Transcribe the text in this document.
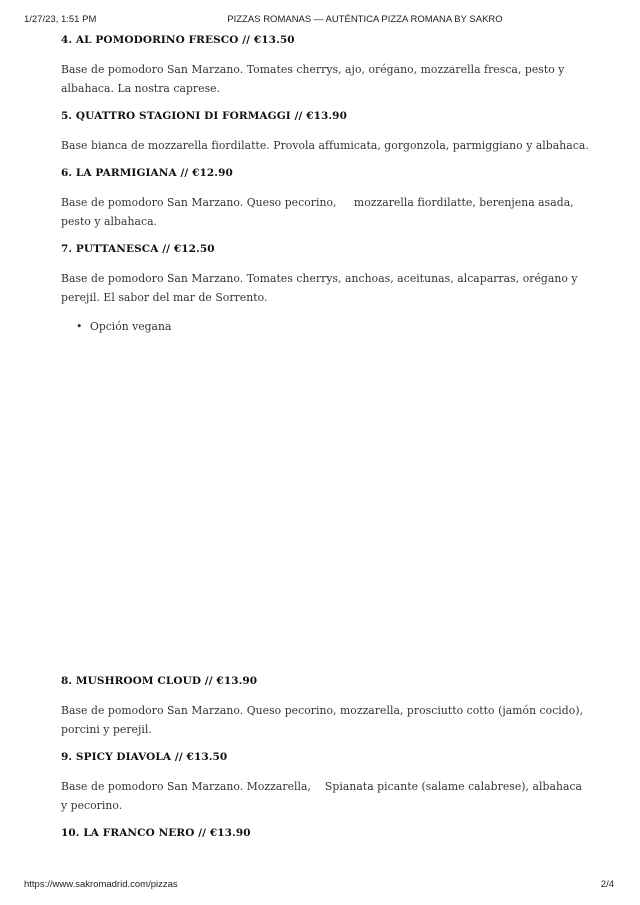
1/27/23, 1:51 PM	PIZZAS ROMANAS — AUTÉNTICA PIZZA ROMANA BY SAKRO
4. AL POMODORINO FRESCO // €13.50

Base de pomodoro San Marzano. Tomates cherrys, ajo, orégano, mozzarella fresca, pesto y albahaca. La nostra caprese.

5. QUATTRO STAGIONI DI FORMAGGI // €13.90

Base bianca de mozzarella fiordilatte. Provola affumicata, gorgonzola, parmiggiano y albahaca.

6. LA PARMIGIANA // €12.90

Base de pomodoro San Marzano. Queso pecorino,     mozzarella fiordilatte, berenjena asada, pesto y albahaca.

7. PUTTANESCA // €12.50

Base de pomodoro San Marzano. Tomates cherrys, anchoas, aceitunas, alcaparras, orégano y perejil. El sabor del mar de Sorrento.

• Opción vegana
8. MUSHROOM CLOUD // €13.90

Base de pomodoro San Marzano. Queso pecorino, mozzarella, prosciutto cotto (jamón cocido), porcini y perejil.

9. SPICY DIAVOLA // €13.50

Base de pomodoro San Marzano. Mozzarella,    Spianata picante (salame calabrese), albahaca y pecorino.

10. LA FRANCO NERO // €13.90
https://www.sakromadrid.com/pizzas	2/4
